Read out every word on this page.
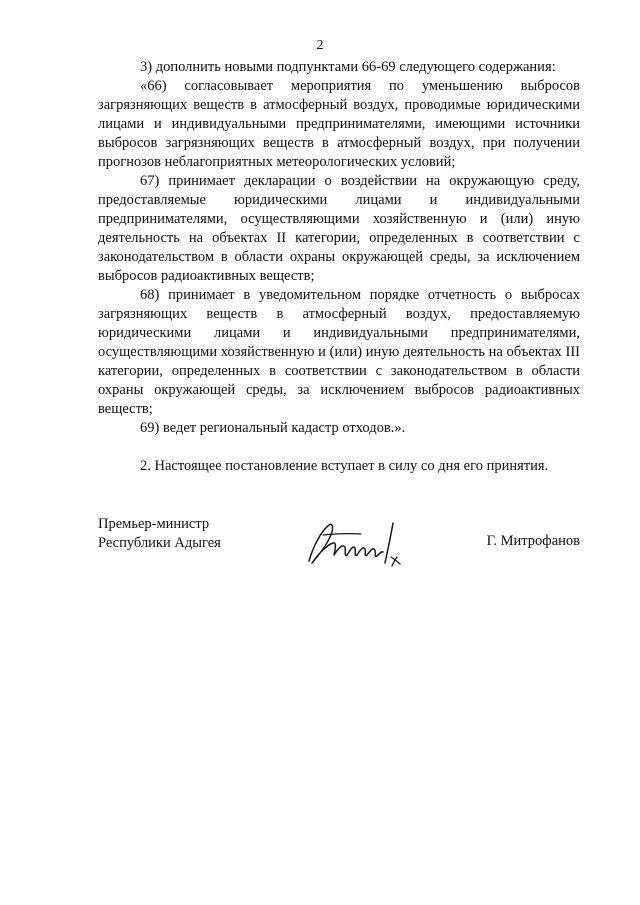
2

3) дополнить новыми подпунктами 66-69 следующего содержания:

«66) согласовывает мероприятия по уменьшению выбросов загрязняющих веществ в атмосферный воздух, проводимые юридическими лицами и индивидуальными предпринимателями, имеющими источники выбросов загрязняющих веществ в атмосферный воздух, при получении прогнозов неблагоприятных метеорологических условий;

67) принимает декларации о воздействии на окружающую среду, предоставляемые юридическими лицами и индивидуальными предпринимателями, осуществляющими хозяйственную и (или) иную деятельность на объектах II категории, определенных в соответствии с законодательством в области охраны окружающей среды, за исключением выбросов радиоактивных веществ;

68) принимает в уведомительном порядке отчетность о выбросах загрязняющих веществ в атмосферный воздух, предоставляемую юридическими лицами и индивидуальными предпринимателями, осуществляющими хозяйственную и (или) иную деятельность на объектах III категории, определенных в соответствии с законодательством в области охраны окружающей среды, за исключением выбросов радиоактивных веществ;

69) ведет региональный кадастр отходов.».

2. Настоящее постановление вступает в силу со дня его принятия.

Премьер-министр
Республики Адыгея	Г. Митрофанов
